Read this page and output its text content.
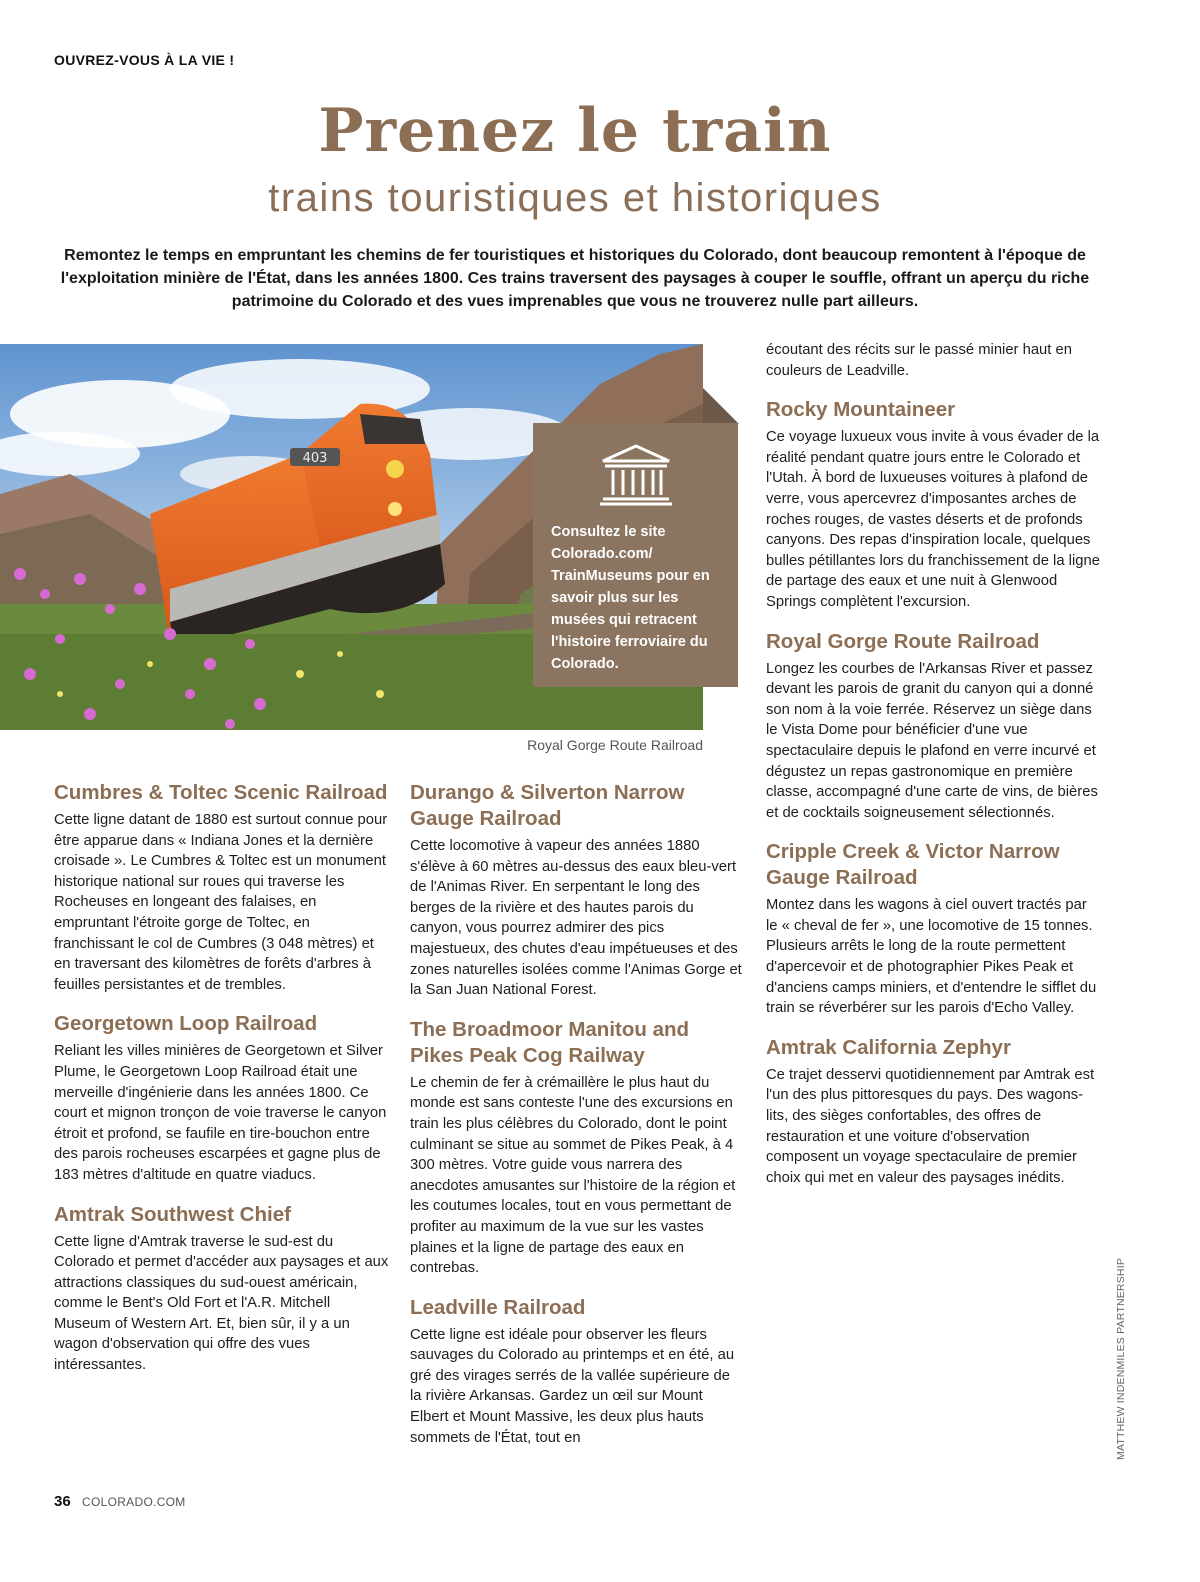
OUVREZ-VOUS À LA VIE !
Prenez le train
trains touristiques et historiques
Remontez le temps en empruntant les chemins de fer touristiques et historiques du Colorado, dont beaucoup remontent à l'époque de l'exploitation minière de l'État, dans les années 1800. Ces trains traversent des paysages à couper le souffle, offrant un aperçu du riche patrimoine du Colorado et des vues imprenables que vous ne trouverez nulle part ailleurs.
403
Royal Gorge Route Railroad
Consultez le site Colorado.com/ TrainMuseums pour en savoir plus sur les musées qui retracent l'histoire ferroviaire du Colorado.
Cumbres & Toltec Scenic Railroad

Cette ligne datant de 1880 est surtout connue pour être apparue dans « Indiana Jones et la dernière croisade ». Le Cumbres & Toltec est un monument historique national sur roues qui traverse les Rocheuses en longeant des falaises, en empruntant l'étroite gorge de Toltec, en franchissant le col de Cumbres (3 048 mètres) et en traversant des kilomètres de forêts d'arbres à feuilles persistantes et de trembles.

Georgetown Loop Railroad

Reliant les villes minières de Georgetown et Silver Plume, le Georgetown Loop Railroad était une merveille d'ingénierie dans les années 1800. Ce court et mignon tronçon de voie traverse le canyon étroit et profond, se faufile en tire-bouchon entre des parois rocheuses escarpées et gagne plus de 183 mètres d'altitude en quatre viaducs.

Amtrak Southwest Chief

Cette ligne d'Amtrak traverse le sud-est du Colorado et permet d'accéder aux paysages et aux attractions classiques du sud-ouest américain, comme le Bent's Old Fort et l'A.R. Mitchell Museum of Western Art. Et, bien sûr, il y a un wagon d'observation qui offre des vues intéressantes.

Durango & Silverton Narrow Gauge Railroad

Cette locomotive à vapeur des années 1880 s'élève à 60 mètres au-dessus des eaux bleu-vert de l'Animas River. En serpentant le long des berges de la rivière et des hautes parois du canyon, vous pourrez admirer des pics majestueux, des chutes d'eau impétueuses et des zones naturelles isolées comme l'Animas Gorge et la San Juan National Forest.

The Broadmoor Manitou and Pikes Peak Cog Railway

Le chemin de fer à crémaillère le plus haut du monde est sans conteste l'une des excursions en train les plus célèbres du Colorado, dont le point culminant se situe au sommet de Pikes Peak, à 4 300 mètres. Votre guide vous narrera des anecdotes amusantes sur l'histoire de la région et les coutumes locales, tout en vous permettant de profiter au maximum de la vue sur les vastes plaines et la ligne de partage des eaux en contrebas.

Leadville Railroad

Cette ligne est idéale pour observer les fleurs sauvages du Colorado au printemps et en été, au gré des virages serrés de la vallée supérieure de la rivière Arkansas. Gardez un œil sur Mount Elbert et Mount Massive, les deux plus hauts sommets de l'État, tout en

écoutant des récits sur le passé minier haut en couleurs de Leadville.

Rocky Mountaineer

Ce voyage luxueux vous invite à vous évader de la réalité pendant quatre jours entre le Colorado et l'Utah. À bord de luxueuses voitures à plafond de verre, vous apercevrez d'imposantes arches de roches rouges, de vastes déserts et de profonds canyons. Des repas d'inspiration locale, quelques bulles pétillantes lors du franchissement de la ligne de partage des eaux et une nuit à Glenwood Springs complètent l'excursion.

Royal Gorge Route Railroad

Longez les courbes de l'Arkansas River et passez devant les parois de granit du canyon qui a donné son nom à la voie ferrée. Réservez un siège dans le Vista Dome pour bénéficier d'une vue spectaculaire depuis le plafond en verre incurvé et dégustez un repas gastronomique en première classe, accompagné d'une carte de vins, de bières et de cocktails soigneusement sélectionnés.

Cripple Creek & Victor Narrow Gauge Railroad

Montez dans les wagons à ciel ouvert tractés par le « cheval de fer », une locomotive de 15 tonnes. Plusieurs arrêts le long de la route permettent d'apercevoir et de photographier Pikes Peak et d'anciens camps miniers, et d'entendre le sifflet du train se réverbérer sur les parois d'Echo Valley.

Amtrak California Zephyr

Ce trajet desservi quotidiennement par Amtrak est l'un des plus pittoresques du pays. Des wagons-lits, des sièges confortables, des offres de restauration et une voiture d'observation composent un voyage spectaculaire de premier choix qui met en valeur des paysages inédits.

36 COLORADO.COM
MATTHEW INDENMILES PARTNERSHIP
